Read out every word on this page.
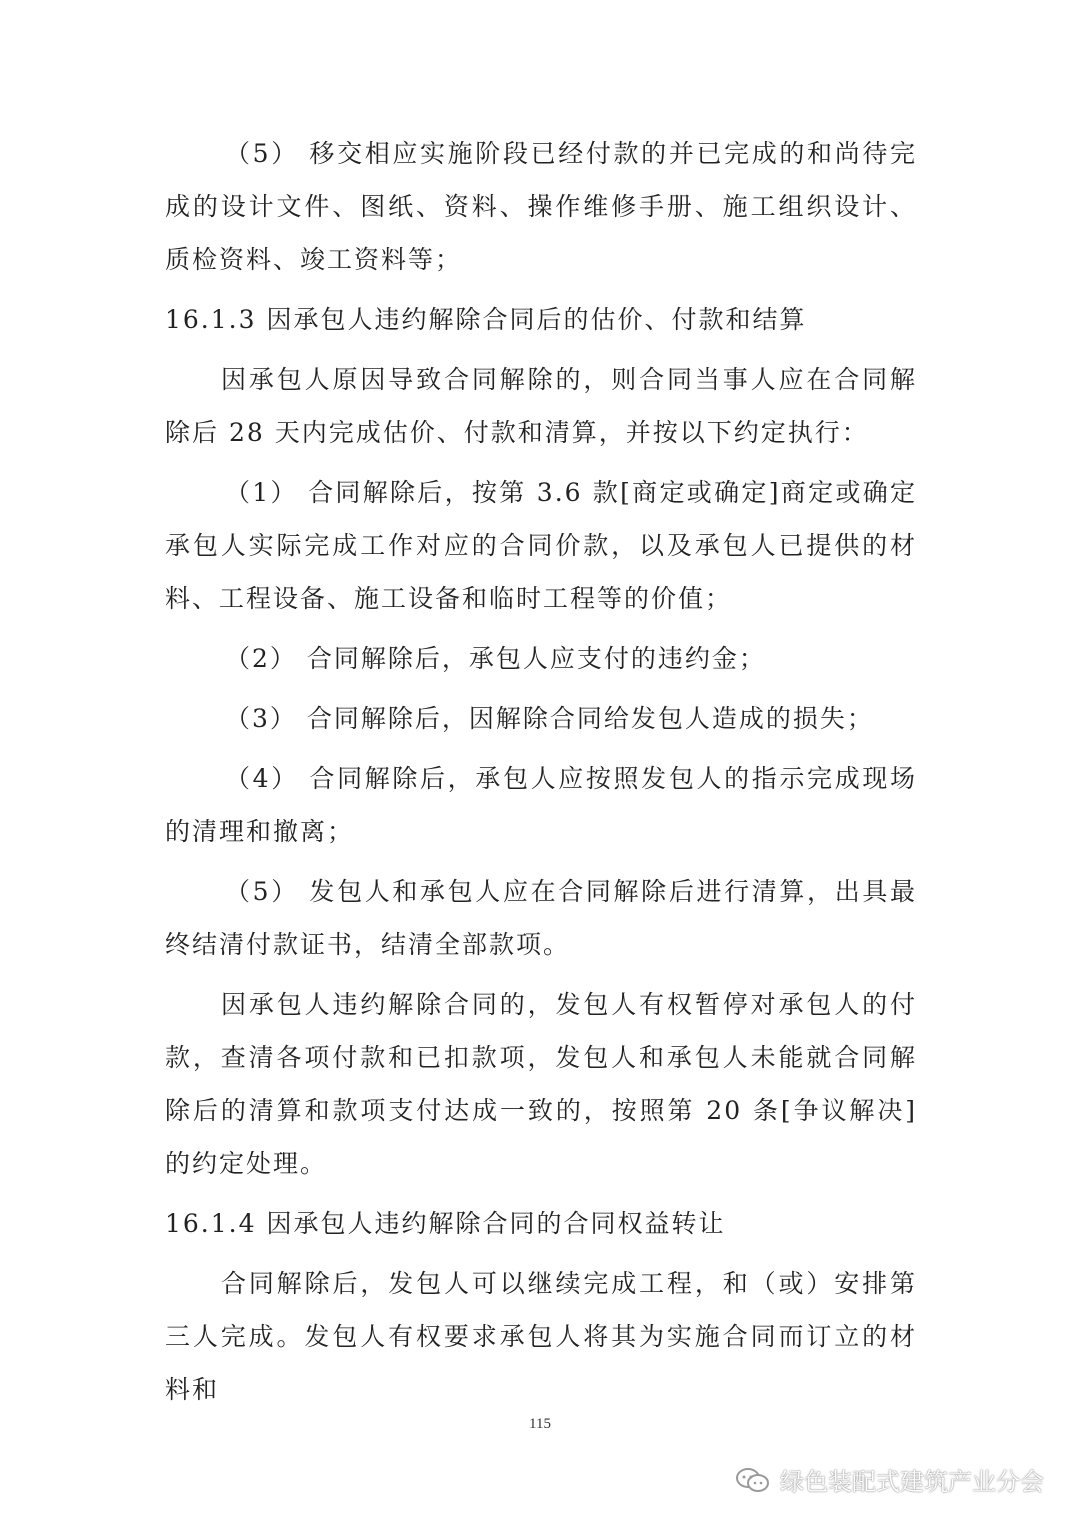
（5） 移交相应实施阶段已经付款的并已完成的和尚待完成的设计文件、图纸、资料、操作维修手册、施工组织设计、质检资料、竣工资料等；

16.1.3 因承包人违约解除合同后的估价、付款和结算

因承包人原因导致合同解除的，则合同当事人应在合同解除后 28 天内完成估价、付款和清算，并按以下约定执行：

（1） 合同解除后，按第 3.6 款[商定或确定]商定或确定承包人实际完成工作对应的合同价款，以及承包人已提供的材料、工程设备、施工设备和临时工程等的价值；

（2） 合同解除后，承包人应支付的违约金；

（3） 合同解除后，因解除合同给发包人造成的损失；

（4） 合同解除后，承包人应按照发包人的指示完成现场的清理和撤离；

（5） 发包人和承包人应在合同解除后进行清算，出具最终结清付款证书，结清全部款项。

因承包人违约解除合同的，发包人有权暂停对承包人的付款，查清各项付款和已扣款项，发包人和承包人未能就合同解除后的清算和款项支付达成一致的，按照第 20 条[争议解决]的约定处理。

16.1.4 因承包人违约解除合同的合同权益转让

合同解除后，发包人可以继续完成工程，和（或）安排第三人完成。发包人有权要求承包人将其为实施合同而订立的材料和

115
绿色装配式建筑产业分会
